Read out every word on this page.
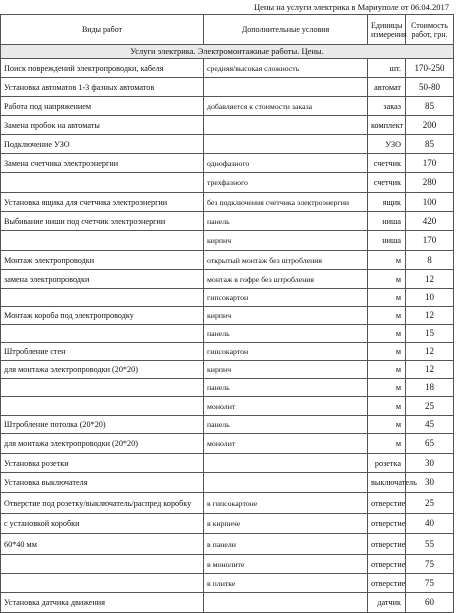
Цены на услуги электрика в Мариуполе от 06.04.2017
Виды работ	Дополнительные условия	Единицы измерения	Стоимость работ, грн.
Услуги электрика. Электромонтажные работы. Цены.			
Поиск повреждений электропроводки, кабеля	средняя/высокая сложность	шт.	170-250
Установка автоматов 1-3 фазных автоматов		автомат	50-80
Работа под напряжением	добавляется к стоимости заказа	заказ	85
Замена пробок на автоматы		комплект	200
Подключение УЗО		УЗО	85
Замена счетчика электроэнергии	однофазного	счетчик	170
	трехфазного	счетчик	280
Установка ящика для счетчика электроэнергии	без подключения счетчика электроэнергии	ящик	100
Выбивание ниши под счетчик электроэнергии	панель	ниша	420
	кирпич	ниша	170
Монтаж электропроводки	открытый монтаж без штробления	м	8
замена электропроводки	монтаж в гофре без штробления	м	12
	гипсокартон	м	10
Монтаж короба под электропроводку	кирпич	м	12
	панель	м	15
Штробление стен	гипсокартон	м	12
для монтажа электропроводки (20*20)	кирпич	м	12
	панель	м	18
	монолит	м	25
Штробление потолка (20*20)	панель	м	45
для монтажа электропроводки (20*20)	монолит	м	65
Установка розетки		розетка	30
Установка выключателя		выключатель	30
Отверстие под розетку/выключатель/распред коробку	в гипсокартоне	отверстие	25
с установкой коробки	в кирпиче	отверстие	40
60*40 мм	в панели	отверстие	55
	в монолите	отверстие	75
	в плитке	отверстие	75
Установка датчика движения		датчик	60
